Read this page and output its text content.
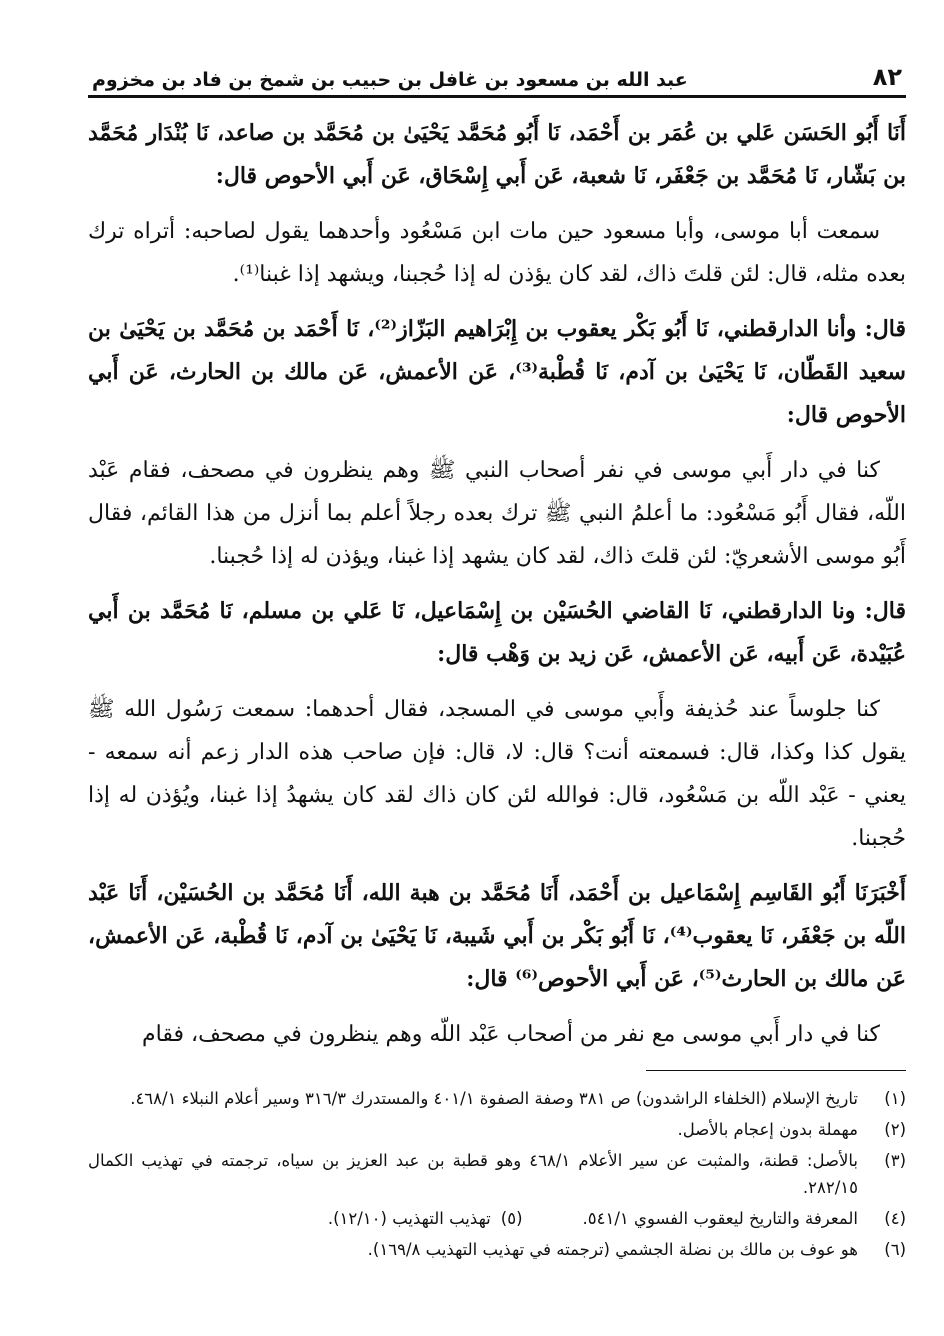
٨٢
عبد الله بن مسعود بن غافل بن حبيب بن شمخ بن فاد بن مخزوم

أَنَا أَبُو الحَسَن عَلي بن عُمَر بن أَحْمَد، نَا أَبُو مُحَمَّد يَحْيَىٰ بن مُحَمَّد بن صاعد، نَا بُنْدَار مُحَمَّد بن بَشّار، نَا مُحَمَّد بن جَعْفَر، نَا شعبة، عَن أَبي إِسْحَاق، عَن أَبي الأحوص قال:

سمعت أبا موسى، وأبا مسعود حين مات ابن مَسْعُود وأحدهما يقول لصاحبه: أتراه ترك بعده مثله، قال: لئن قلتَ ذاك، لقد كان يؤذن له إذا حُجبنا، ويشهد إذا غبنا⁽¹⁾.

قال: وأنا الدارقطني، نَا أَبُو بَكْر يعقوب بن إِبْرَاهيم البَزّاز⁽²⁾، نَا أَحْمَد بن مُحَمَّد بن يَحْيَىٰ بن سعيد القَطّان، نَا يَحْيَىٰ بن آدم، نَا قُطْبة⁽³⁾، عَن الأعمش، عَن مالك بن الحارث، عَن أَبي الأحوص قال:

كنا في دار أَبي موسى في نفر أصحاب النبي ﷺ وهم ينظرون في مصحف، فقام عَبْد اللّه، فقال أَبُو مَسْعُود: ما أعلمُ النبي ﷺ ترك بعده رجلاً أعلم بما أنزل من هذا القائم، فقال أَبُو موسى الأشعريّ: لئن قلتَ ذاك، لقد كان يشهد إذا غبنا، ويؤذن له إذا حُجبنا.

قال: ونا الدارقطني، نَا القاضي الحُسَيْن بن إِسْمَاعيل، نَا عَلي بن مسلم، نَا مُحَمَّد بن أَبي عُبَيْدة، عَن أَبيه، عَن الأعمش، عَن زيد بن وَهْب قال:

كنا جلوساً عند حُذيفة وأَبي موسى في المسجد، فقال أحدهما: سمعت رَسُول الله ﷺ يقول كذا وكذا، قال: فسمعته أنت؟ قال: لا، قال: فإن صاحب هذه الدار زعم أنه سمعه - يعني - عَبْد اللّه بن مَسْعُود، قال: فوالله لئن كان ذاك لقد كان يشهدُ إذا غبنا، ويُؤذن له إذا حُجبنا.

أَخْبَرَنَا أَبُو القَاسِم إِسْمَاعيل بن أَحْمَد، أَنَا مُحَمَّد بن هبة الله، أَنَا مُحَمَّد بن الحُسَيْن، أَنَا عَبْد اللّه بن جَعْفَر، نَا يعقوب⁽⁴⁾، نَا أَبُو بَكْر بن أَبي شَيبة، نَا يَحْيَىٰ بن آدم، نَا قُطْبة، عَن الأعمش، عَن مالك بن الحارث⁽⁵⁾، عَن أَبي الأحوص⁽⁶⁾ قال:

كنا في دار أَبي موسى مع نفر من أصحاب عَبْد اللّه وهم ينظرون في مصحف، فقام

(١)
تاريخ الإسلام (الخلفاء الراشدون) ص ٣٨١ وصفة الصفوة ٤٠١/١ والمستدرك ٣١٦/٣ وسير أعلام النبلاء ٤٦٨/١.
(٢)
مهملة بدون إعجام بالأصل.
(٣)
بالأصل: قطنة، والمثبت عن سير الأعلام ٤٦٨/١ وهو قطبة بن عبد العزيز بن سياه، ترجمته في تهذيب الكمال ٢٨٢/١٥.
(٤)
المعرفة والتاريخ ليعقوب الفسوي ٥٤١/١.
(٥)
تهذيب التهذيب (١٢/١٠).
(٦)
هو عوف بن مالك بن نضلة الجشمي (ترجمته في تهذيب التهذيب ١٦٩/٨).
